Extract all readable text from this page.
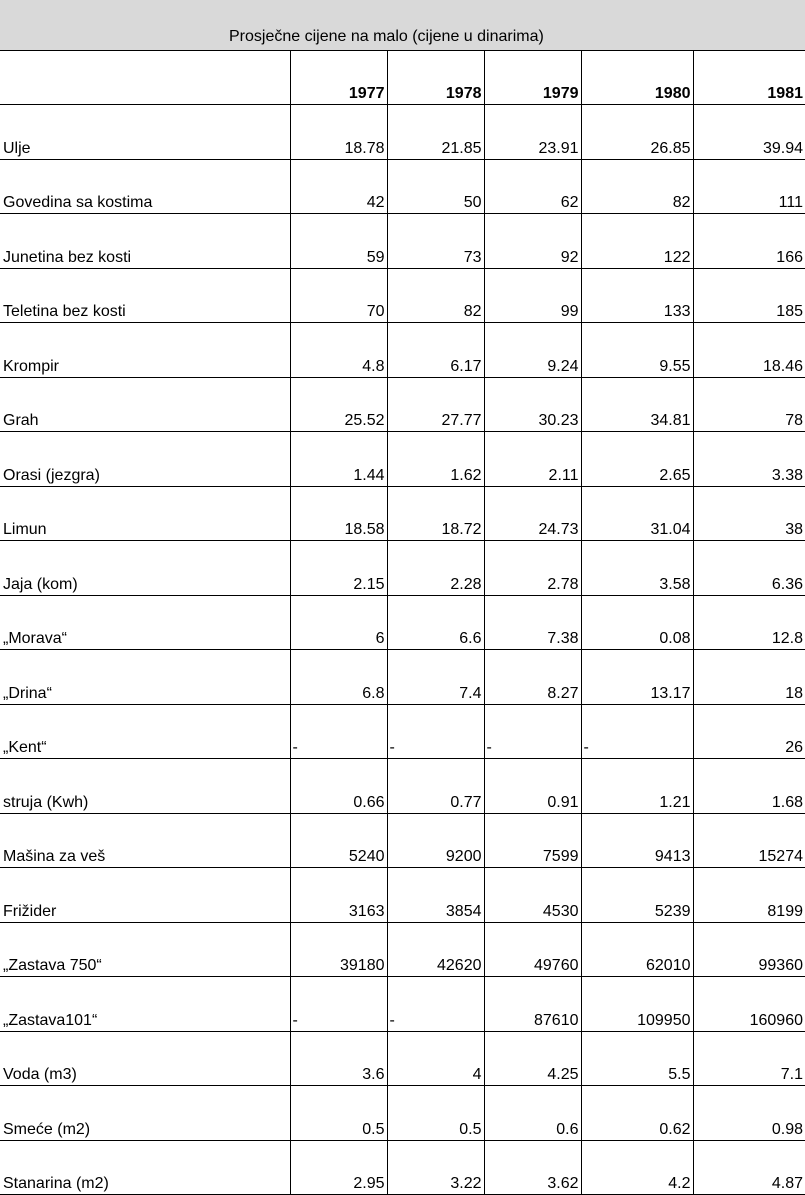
Prosječne cijene na malo (cijene u dinarima)
	1977	1978	1979	1980	1981
Ulje	18.78	21.85	23.91	26.85	39.94
Govedina sa kostima	42	50	62	82	111
Junetina bez kosti	59	73	92	122	166
Teletina bez kosti	70	82	99	133	185
Krompir	4.8	6.17	9.24	9.55	18.46
Grah	25.52	27.77	30.23	34.81	78
Orasi (jezgra)	1.44	1.62	2.11	2.65	3.38
Limun	18.58	18.72	24.73	31.04	38
Jaja (kom)	2.15	2.28	2.78	3.58	6.36
„Morava“	6	6.6	7.38	0.08	12.8
„Drina“	6.8	7.4	8.27	13.17	18
„Kent“	-	-	-	-	26
struja (Kwh)	0.66	0.77	0.91	1.21	1.68
Mašina za veš	5240	9200	7599	9413	15274
Frižider	3163	3854	4530	5239	8199
„Zastava 750“	39180	42620	49760	62010	99360
„Zastava101“	-	-	87610	109950	160960
Voda (m3)	3.6	4	4.25	5.5	7.1
Smeće (m2)	0.5	0.5	0.6	0.62	0.98
Stanarina (m2)	2.95	3.22	3.62	4.2	4.87
